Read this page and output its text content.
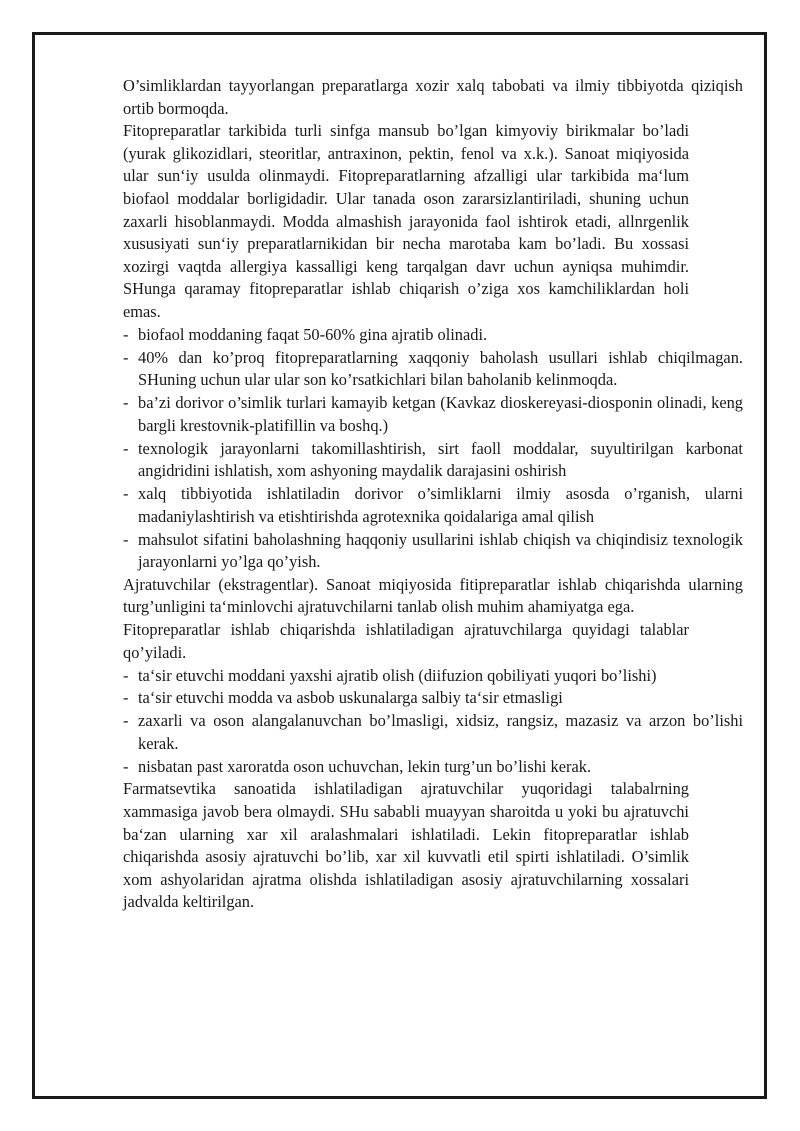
O’simliklardan tayyorlangan preparatlarga xozir xalq tabobati va ilmiy tibbiyotda qiziqish ortib bormoqda.

Fitopreparatlar tarkibida turli sinfga mansub bo’lgan kimyoviy birikmalar bo’ladi (yurak glikozidlari, steoritlar, antraxinon, pektin, fenol va x.k.). Sanoat miqiyosida ular sun‘iy usulda olinmaydi. Fitopreparatlarning afzalligi ular tarkibida ma‘lum biofaol moddalar borligidadir. Ular tanada oson zararsizlantiriladi, shuning uchun zaxarli hisoblanmaydi. Modda almashish jarayonida faol ishtirok etadi, allnrgenlik xususiyati sun‘iy preparatlarnikidan bir necha marotaba kam bo’ladi. Bu xossasi xozirgi vaqtda allergiya kassalligi keng tarqalgan davr uchun ayniqsa muhimdir. SHunga qaramay fitopreparatlar ishlab chiqarish o’ziga xos kamchiliklardan holi emas.

- biofaol moddaning faqat 50-60% gina ajratib olinadi.
- 40% dan ko’proq fitopreparatlarning xaqqoniy baholash usullari ishlab chiqilmagan. SHuning uchun ular ular son ko’rsatkichlari bilan baholanib kelinmoqda.
- ba’zi dorivor o’simlik turlari kamayib ketgan (Kavkaz dioskereyasi-diosponin olinadi, keng bargli krestovnik-platifillin va boshq.)
- texnologik jarayonlarni takomillashtirish, sirt faoll moddalar, suyultirilgan karbonat angidridini ishlatish, xom ashyoning maydalik darajasini oshirish
- xalq tibbiyotida ishlatiladin dorivor o’simliklarni ilmiy asosda o’rganish, ularni madaniylashtirish va etishtirishda agrotexnika qoidalariga amal qilish
- mahsulot sifatini baholashning haqqoniy usullarini ishlab chiqish va chiqindisiz texnologik jarayonlarni yo’lga qo’yish.

Ajratuvchilar (ekstragentlar). Sanoat miqiyosida fitipreparatlar ishlab chiqarishda ularning turg’unligini ta‘minlovchi ajratuvchilarni tanlab olish muhim ahamiyatga ega.

Fitopreparatlar ishlab chiqarishda ishlatiladigan ajratuvchilarga quyidagi talablar qo’yiladi.

- ta‘sir etuvchi moddani yaxshi ajratib olish (diifuzion qobiliyati yuqori bo’lishi)
- ta‘sir etuvchi modda va asbob uskunalarga salbiy ta‘sir etmasligi
- zaxarli va oson alangalanuvchan bo’lmasligi, xidsiz, rangsiz, mazasiz va arzon bo’lishi kerak.
- nisbatan past xaroratda oson uchuvchan, lekin turg’un bo’lishi kerak.

Farmatsevtika sanoatida ishlatiladigan ajratuvchilar yuqoridagi talabalrning xammasiga javob bera olmaydi. SHu sababli muayyan sharoitda u yoki bu ajratuvchi ba‘zan ularning xar xil aralashmalari ishlatiladi. Lekin fitopreparatlar ishlab chiqarishda asosiy ajratuvchi bo’lib, xar xil kuvvatli etil spirti ishlatiladi. O’simlik xom ashyolaridan ajratma olishda ishlatiladigan asosiy ajratuvchilarning xossalari jadvalda keltirilgan.
